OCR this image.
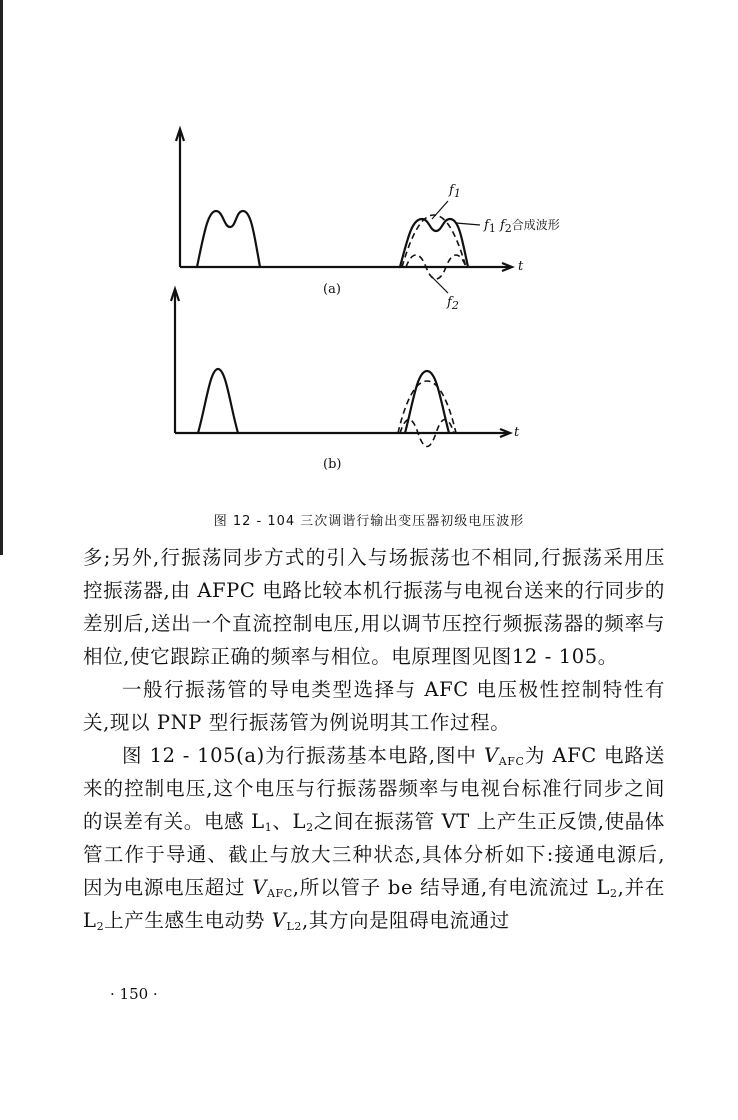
(a)
t
$f_1$
$f_1$ $f_2$合成波形
$f_2$
(b)
t
图 12 - 104 三次调谐行输出变压器初级电压波形

多;另外,行振荡同步方式的引入与场振荡也不相同,行振荡采用压控振荡器,由 AFPC 电路比较本机行振荡与电视台送来的行同步的差别后,送出一个直流控制电压,用以调节压控行频振荡器的频率与相位,使它跟踪正确的频率与相位。电原理图见图12 - 105。

一般行振荡管的导电类型选择与 AFC 电压极性控制特性有关,现以 PNP 型行振荡管为例说明其工作过程。

图 12 - 105(a)为行振荡基本电路,图中 $V_{AFC}$为 AFC 电路送来的控制电压,这个电压与行振荡器频率与电视台标准行同步之间的误差有关。电感 $L_1$、$L_2$之间在振荡管 VT 上产生正反馈,使晶体管工作于导通、截止与放大三种状态,具体分析如下:接通电源后,因为电源电压超过 $V_{AFC}$,所以管子 be 结导通,有电流流过 $L_2$,并在 $L_2$上产生感生电动势 $V_{L2}$,其方向是阻碍电流通过

· 150 ·
